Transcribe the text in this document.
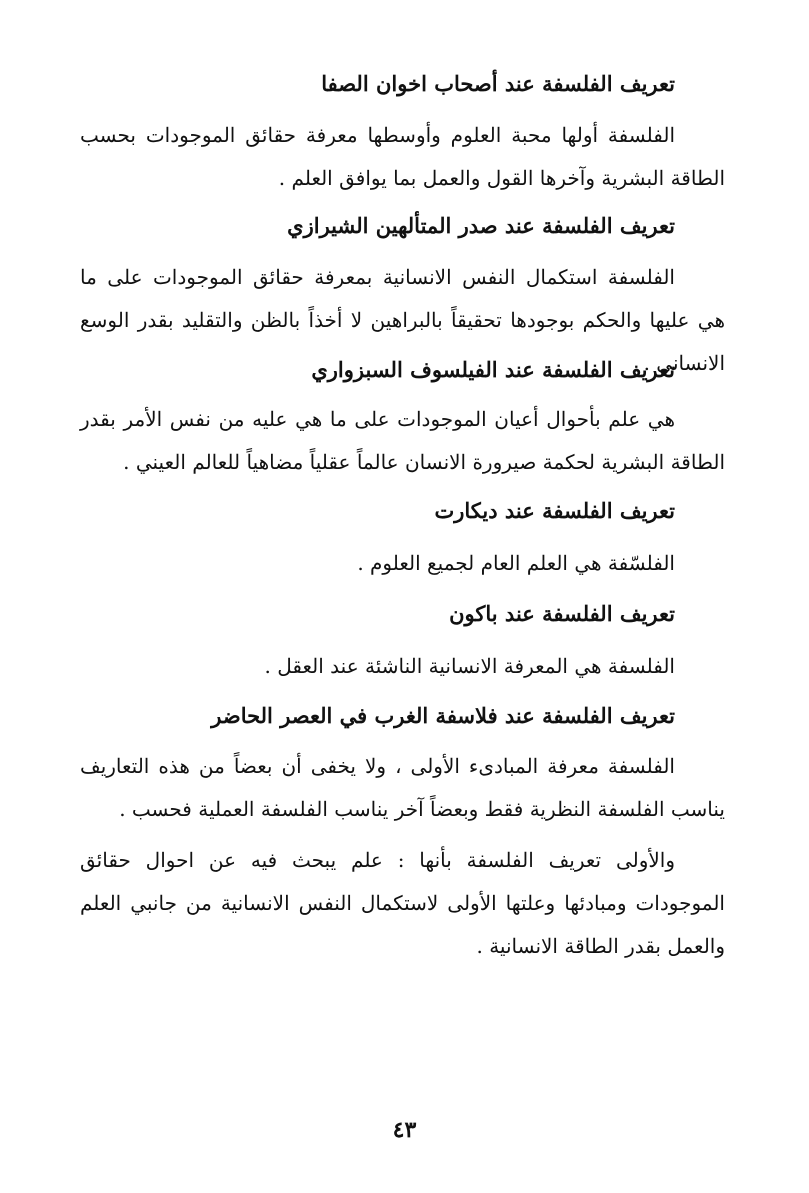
تعريف الفلسفة عند أصحاب اخوان الصفا
الفلسفة أولها محبة العلوم وأوسطها معرفة حقائق الموجودات بحسب الطاقة البشرية وآخرها القول والعمل بما يوافق العلم .
تعريف الفلسفة عند صدر المتألهين الشيرازي
الفلسفة استكمال النفس الانسانية بمعرفة حقائق الموجودات على ما هي عليها والحكم بوجودها تحقيقاً بالبراهين لا أخذاً بالظن والتقليد بقدر الوسع الانساني .
تعريف الفلسفة عند الفيلسوف السبزواري
هي علم بأحوال أعيان الموجودات على ما هي عليه من نفس الأمر بقدر الطاقة البشرية لحكمة صيرورة الانسان عالماً عقلياً مضاهياً للعالم العيني .
تعريف الفلسفة عند ديكارت
الفلسّفة هي العلم العام لجميع العلوم .
تعريف الفلسفة عند باكون
الفلسفة هي المعرفة الانسانية الناشئة عند العقل .
تعريف الفلسفة عند فلاسفة الغرب في العصر الحاضر
الفلسفة معرفة المبادىء الأولى ، ولا يخفى أن بعضاً من هذه التعاريف يناسب الفلسفة النظرية فقط وبعضاً آخر يناسب الفلسفة العملية فحسب .
والأولى تعريف الفلسفة بأنها : علم يبحث فيه عن احوال حقائق الموجودات ومبادئها وعلتها الأولى لاستكمال النفس الانسانية من جانبي العلم والعمل بقدر الطاقة الانسانية .
٤٣
